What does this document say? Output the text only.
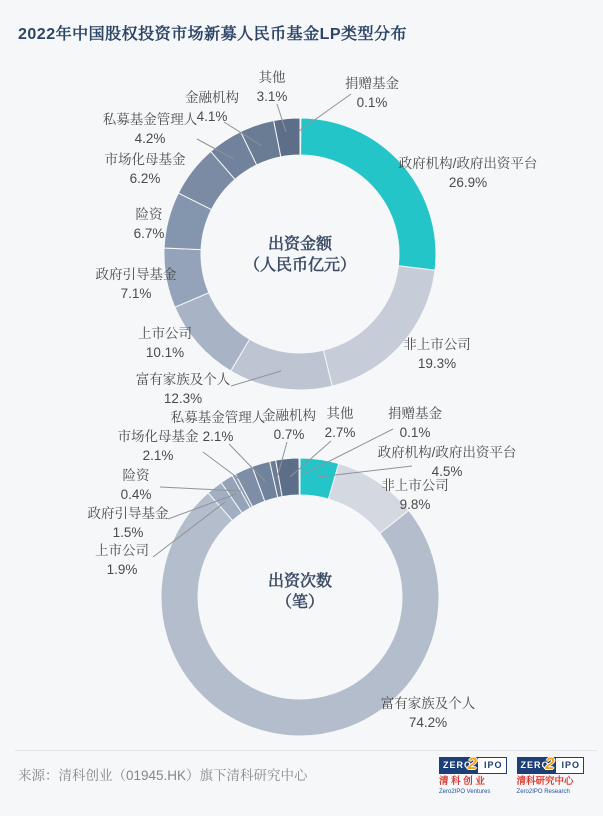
2022年中国股权投资市场新募人民币基金LP类型分布
其他
3.1%
捐赠基金
0.1%
金融机构
4.1%
私募基金管理人
4.2%
市场化母基金
6.2%
险资
6.7%
政府引导基金
7.1%
上市公司
10.1%
富有家族及个人
12.3%
政府机构/政府出资平台
26.9%
非上市公司
19.3%
出资金额
（人民币亿元）
私募基金管理人
2.1%
金融机构
0.7%
其他
2.7%
捐赠基金
0.1%
市场化母基金
2.1%
险资
0.4%
政府引导基金
1.5%
上市公司
1.9%
政府机构/政府出资平台
4.5%
非上市公司
9.8%
富有家族及个人
74.2%
出资次数
（笔）
来源：清科创业（01945.HK）旗下清科研究中心
ZERO	IPO
2
清 科 创 业
Zero2IPO Ventures
ZERO	IPO
2
清科研究中心
Zero2IPO Research
